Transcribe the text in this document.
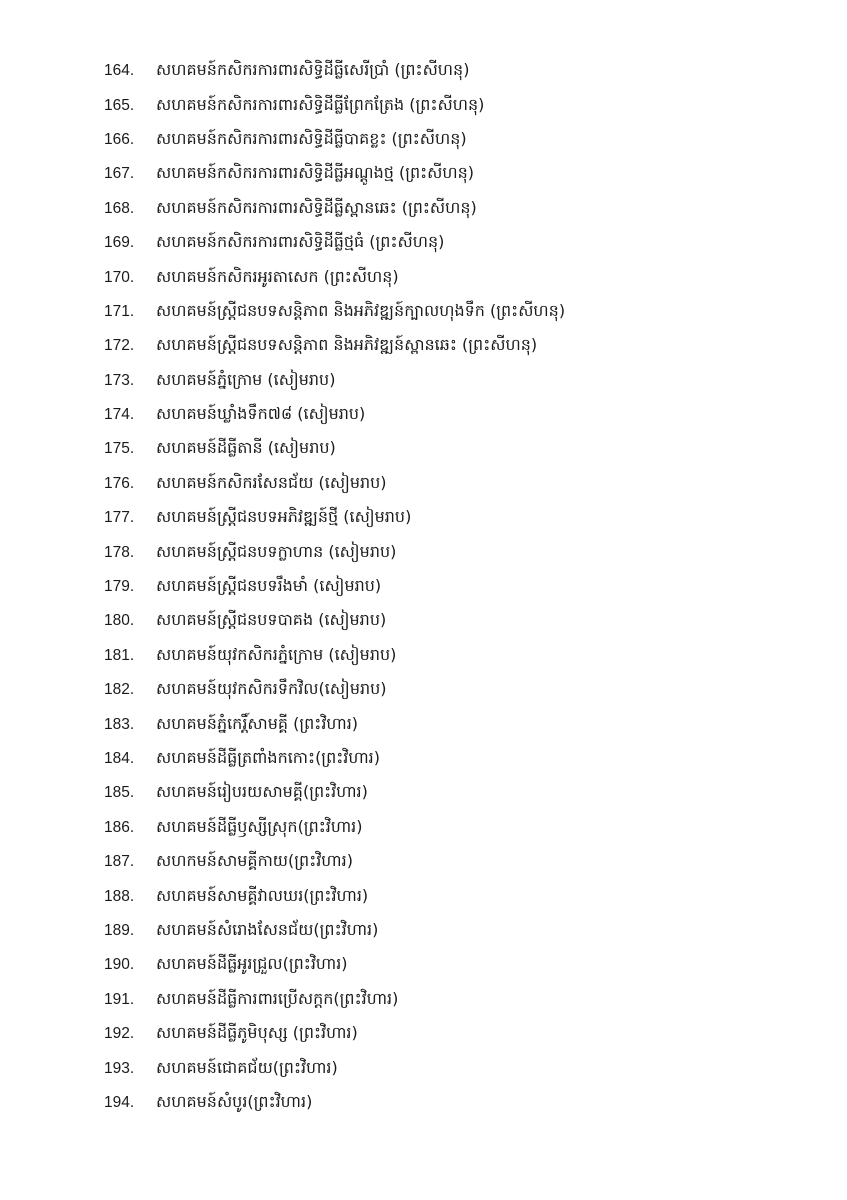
164.	សហគមន៍កសិករការពារសិទ្ធិដីធ្លីសេរីប្រាំ (ព្រះសីហនុ)
165.	សហគមន៍កសិករការពារសិទ្ធិដីធ្លីព្រែកត្រែង (ព្រះសីហនុ)
166.	សហគមន៍កសិករការពារសិទ្ធិដីធ្លីបាគខ្លះ (ព្រះសីហនុ)
167.	សហគមន៍កសិករការពារសិទ្ធិដីធ្លីអណ្តូងថ្ម (ព្រះសីហនុ)
168.	សហគមន៍កសិករការពារសិទ្ធិដីធ្លីស្ពានឆេះ (ព្រះសីហនុ)
169.	សហគមន៍កសិករការពារសិទ្ធិដីធ្លីថ្មធំ (ព្រះសីហនុ)
170.	សហគមន៍កសិករអូរតាសេក (ព្រះសីហនុ)
171.	សហគមន៍ស្ត្រីជនបទសន្តិភាព និងអភិវឌ្ឍន៍ក្បាលហុងទឹក (ព្រះសីហនុ)
172.	សហគមន៍ស្ត្រីជនបទសន្តិភាព និងអភិវឌ្ឍន៍ស្ពានឆេះ (ព្រះសីហនុ)
173.	សហគមន៍ភ្នំក្រោម (សៀមរាប)
174.	សហគមន៍ឃ្លាំងទឹក៧៨ (សៀមរាប)
175.	សហគមន៍ដីធ្លីតានី (សៀមរាប)
176.	សហគមន៍កសិករសែនជ័យ (សៀមរាប)
177.	សហគមន៍ស្ត្រីជនបទអភិវឌ្ឍន៍ថ្មី (សៀមរាប)
178.	សហគមន៍ស្ត្រីជនបទក្លាហាន (សៀមរាប)
179.	សហគមន៍ស្ត្រីជនបទរឹងមាំ (សៀមរាប)
180.	សហគមន៍ស្ត្រីជនបទបាគង (សៀមរាប)
181.	សហគមន៍យុវកសិករភ្នំក្រោម (សៀមរាប)
182.	សហគមន៍យុវកសិករទឹកវិល(សៀមរាប)
183.	សហគមន៍ភ្នំកេរ្តិ៍សាមគ្គី (ព្រះវិហារ)
184.	សហគមន៍ដីធ្លីត្រពាំងកកោះ(ព្រះវិហារ)
185.	សហគមន៍រៀបរយសាមគ្គី(ព្រះវិហារ)
186.	សហគមន៍ដីធ្លីឫស្សីស្រុក(ព្រះវិហារ)
187.	សហកមន៍សាមគ្គីកាយ(ព្រះវិហារ)
188.	សហគមន៍សាមគ្គីវាលឃរ(ព្រះវិហារ)
189.	សហគមន៍សំរោងសែនជ័យ(ព្រះវិហារ)
190.	សហគមន៍ដីធ្លីអូរជ្រួល(ព្រះវិហារ)
191.	សហគមន៍ដីធ្លីការពារប្រើសក្ដក(ព្រះវិហារ)
192.	សហគមន៍ដីធ្លីភូមិបុស្ស (ព្រះវិហារ)
193.	សហគមន៍ជោគជ័យ(ព្រះវិហារ)
194.	សហគមន៍សំបូរ(ព្រះវិហារ)
